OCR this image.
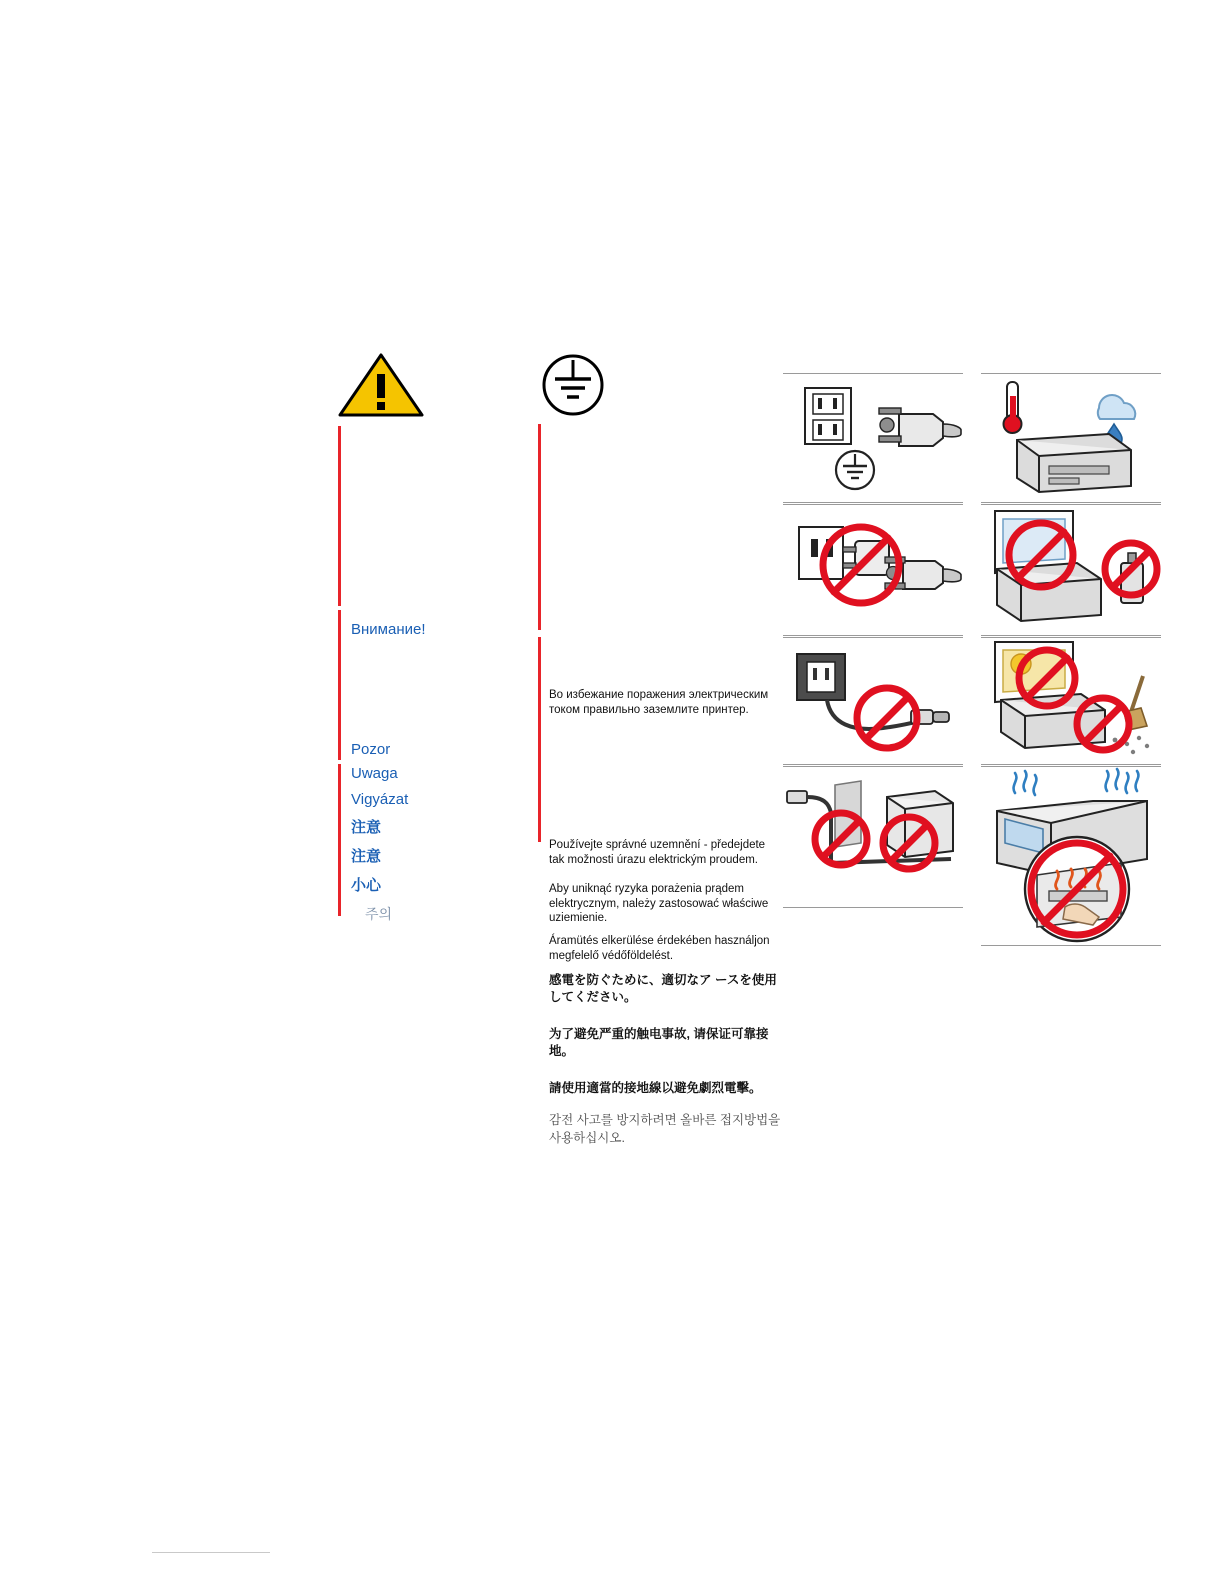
Внимание!
Pozor
Uwaga
Vigyázat
注意
注意
小心
주의
Во избежание поражения электрическим током правильно заземлите принтер.
Používejte správné uzemnění - předejdete tak možnosti úrazu elektrickým proudem.
Aby uniknąć ryzyka porażenia prądem elektrycznym, należy zastosować właściwe uziemienie.
Áramütés elkerülése érdekében használjon megfelelő védőföldelést.
感電を防ぐために、適切なア ースを使用してください。
为了避免严重的触电事故, 请保证可靠接地。
請使用適當的接地線以避免劇烈電擊。
감전 사고를 방지하려면 올바른 접지방법을 사용하십시오.
